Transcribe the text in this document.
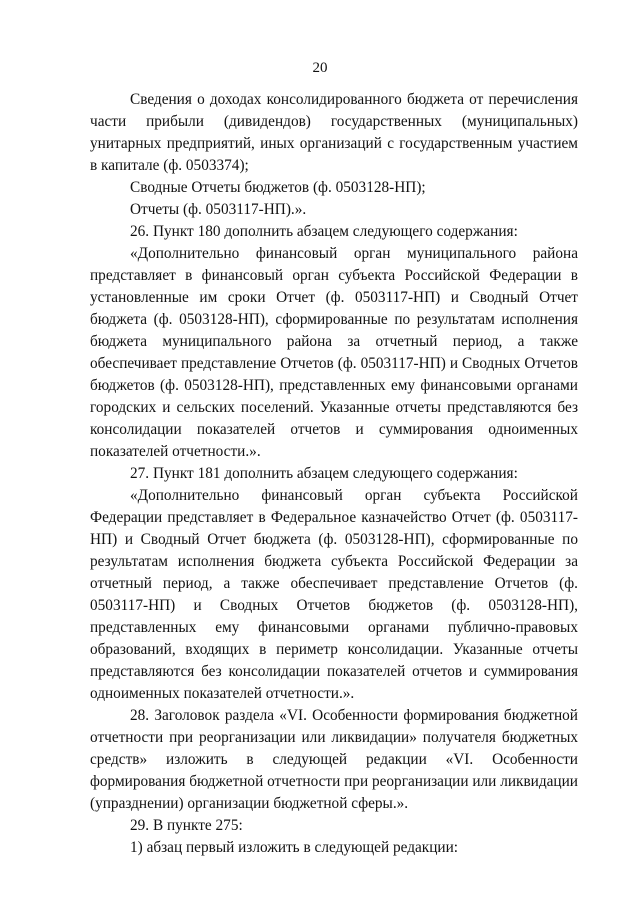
20

Сведения о доходах консолидированного бюджета от перечисления части прибыли (дивидендов) государственных (муниципальных) унитарных предприятий, иных организаций с государственным участием в капитале (ф. 0503374);

Сводные Отчеты бюджетов (ф. 0503128-НП);

Отчеты (ф. 0503117-НП).».

26. Пункт 180 дополнить абзацем следующего содержания:

«Дополнительно финансовый орган муниципального района представляет в финансовый орган субъекта Российской Федерации в установленные им сроки Отчет (ф. 0503117-НП) и Сводный Отчет бюджета (ф. 0503128-НП), сформированные по результатам исполнения бюджета муниципального района за отчетный период, а также обеспечивает представление Отчетов (ф. 0503117-НП) и Сводных Отчетов бюджетов (ф. 0503128-НП), представленных ему финансовыми органами городских и сельских поселений. Указанные отчеты представляются без консолидации показателей отчетов и суммирования одноименных показателей отчетности.».

27. Пункт 181 дополнить абзацем следующего содержания:

«Дополнительно финансовый орган субъекта Российской Федерации представляет в Федеральное казначейство Отчет (ф. 0503117-НП) и Сводный Отчет бюджета (ф. 0503128-НП), сформированные по результатам исполнения бюджета субъекта Российской Федерации за отчетный период, а также обеспечивает представление Отчетов (ф. 0503117-НП) и Сводных Отчетов бюджетов (ф. 0503128-НП), представленных ему финансовыми органами публично-правовых образований, входящих в периметр консолидации. Указанные отчеты представляются без консолидации показателей отчетов и суммирования одноименных показателей отчетности.».

28. Заголовок раздела «VI. Особенности формирования бюджетной отчетности при реорганизации или ликвидации» получателя бюджетных средств» изложить в следующей редакции «VI. Особенности формирования бюджетной отчетности при реорганизации или ликвидации (упразднении) организации бюджетной сферы.».

29. В пункте 275:

1) абзац первый изложить в следующей редакции:
